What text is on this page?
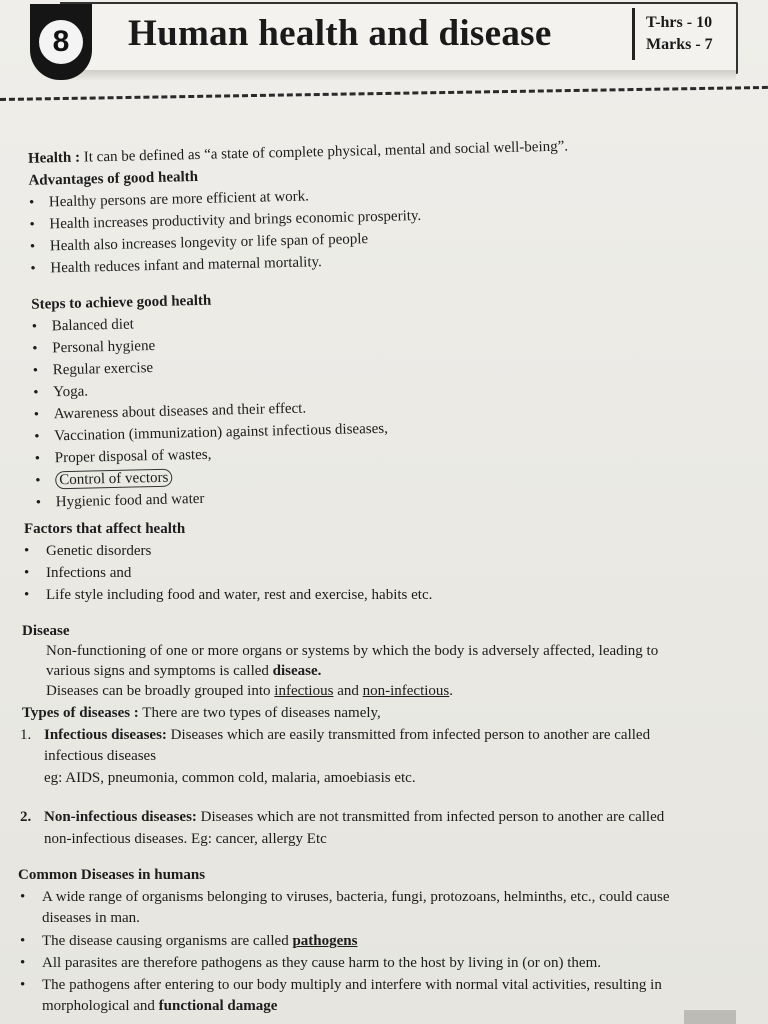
8	Human health and disease	T-hrs - 10
Marks - 7
Health : It can be defined as “a state of complete physical, mental and social well-being”.
Advantages of good health
• Healthy persons are more efficient at work.
• Health increases productivity and brings economic prosperity.
• Health also increases longevity or life span of people
• Health reduces infant and maternal mortality.
Steps to achieve good health
• Balanced diet
• Personal hygiene
• Regular exercise
• Yoga.
• Awareness about diseases and their effect.
• Vaccination (immunization) against infectious diseases,
• Proper disposal of wastes,
• Control of vectors
• Hygienic food and water
Factors that affect health
• Genetic disorders
• Infections and
• Life style including food and water, rest and exercise, habits etc.
Disease
Non-functioning of one or more organs or systems by which the body is adversely affected, leading to
various signs and symptoms is called disease.
Diseases can be broadly grouped into infectious and non-infectious.
Types of diseases : There are two types of diseases namely,
1. Infectious diseases: Diseases which are easily transmitted from infected person to another are called
infectious diseases
eg: AIDS, pneumonia, common cold, malaria, amoebiasis etc.
2. Non-infectious diseases: Diseases which are not transmitted from infected person to another are called
non-infectious diseases. Eg: cancer, allergy Etc
Common Diseases in humans
• A wide range of organisms belonging to viruses, bacteria, fungi, protozoans, helminths, etc., could cause
diseases in man.
• The disease causing organisms are called pathogens
• All parasites are therefore pathogens as they cause harm to the host by living in (or on) them.
• The pathogens after entering to our body multiply and interfere with normal vital activities, resulting in
morphological and functional damage
